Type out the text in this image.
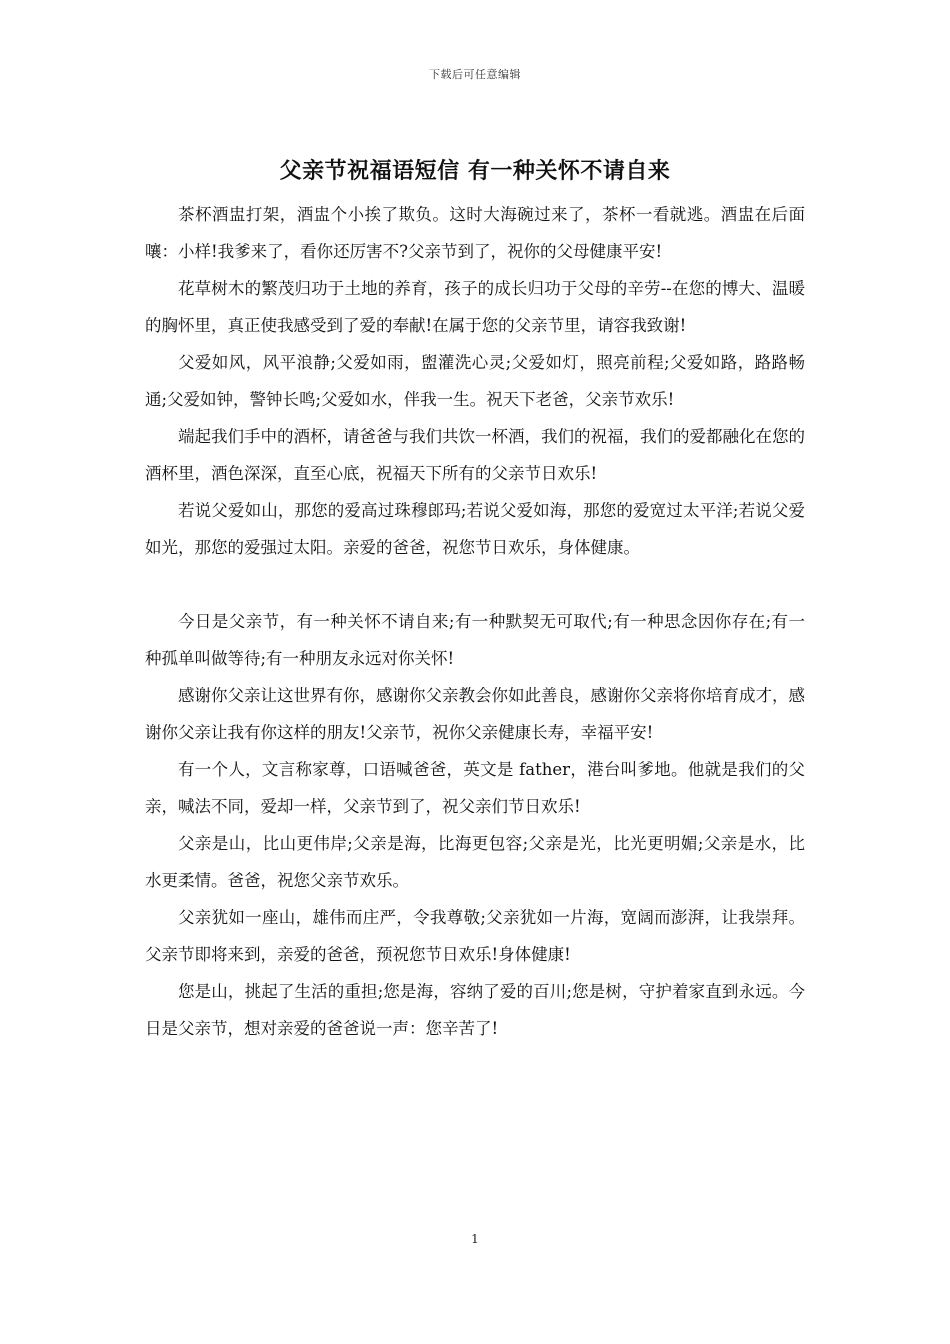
下载后可任意编辑
父亲节祝福语短信 有一种关怀不请自来

茶杯酒盅打架，酒盅个小挨了欺负。这时大海碗过来了，茶杯一看就逃。酒盅在后面嚷：小样!我爹来了，看你还厉害不?父亲节到了，祝你的父母健康平安!

花草树木的繁茂归功于土地的养育，孩子的成长归功于父母的辛劳--在您的博大、温暖的胸怀里，真正使我感受到了爱的奉献!在属于您的父亲节里，请容我致谢!

父爱如风，风平浪静;父爱如雨，盥灌洗心灵;父爱如灯，照亮前程;父爱如路，路路畅通;父爱如钟，警钟长鸣;父爱如水，伴我一生。祝天下老爸，父亲节欢乐!

端起我们手中的酒杯，请爸爸与我们共饮一杯酒，我们的祝福，我们的爱都融化在您的酒杯里，酒色深深，直至心底，祝福天下所有的父亲节日欢乐!

若说父爱如山，那您的爱高过珠穆郎玛;若说父爱如海，那您的爱宽过太平洋;若说父爱如光，那您的爱强过太阳。亲爱的爸爸，祝您节日欢乐，身体健康。

今日是父亲节，有一种关怀不请自来;有一种默契无可取代;有一种思念因你存在;有一种孤单叫做等待;有一种朋友永远对你关怀!

感谢你父亲让这世界有你，感谢你父亲教会你如此善良，感谢你父亲将你培育成才，感谢你父亲让我有你这样的朋友!父亲节，祝你父亲健康长寿，幸福平安!

有一个人，文言称家尊，口语喊爸爸，英文是 father，港台叫爹地。他就是我们的父亲，喊法不同，爱却一样，父亲节到了，祝父亲们节日欢乐!

父亲是山，比山更伟岸;父亲是海，比海更包容;父亲是光，比光更明媚;父亲是水，比水更柔情。爸爸，祝您父亲节欢乐。

父亲犹如一座山，雄伟而庄严，令我尊敬;父亲犹如一片海，宽阔而澎湃，让我崇拜。父亲节即将来到，亲爱的爸爸，预祝您节日欢乐!身体健康!

您是山，挑起了生活的重担;您是海，容纳了爱的百川;您是树，守护着家直到永远。今日是父亲节，想对亲爱的爸爸说一声：您辛苦了!

1
